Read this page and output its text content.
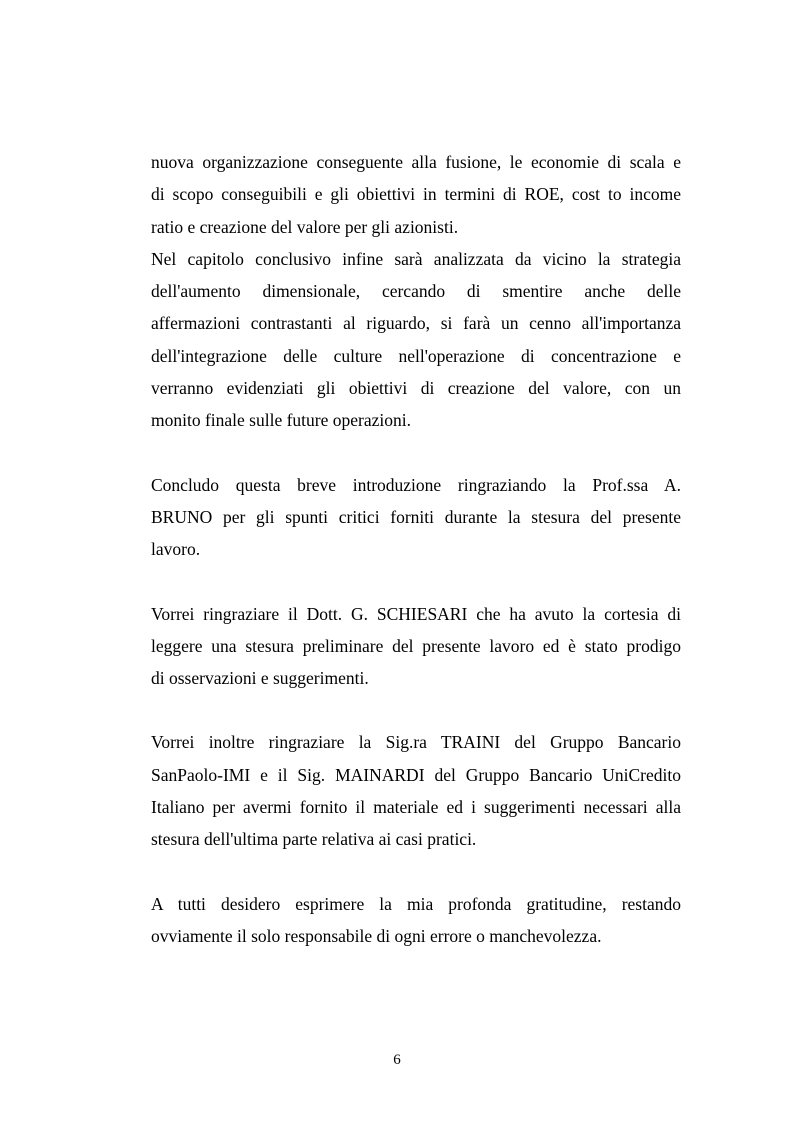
nuova organizzazione conseguente alla fusione, le economie di scala e
di scopo conseguibili e gli obiettivi in termini di ROE, cost to income
ratio e creazione del valore per gli azionisti.
Nel capitolo conclusivo infine sarà analizzata da vicino la strategia
dell'aumento dimensionale, cercando di smentire anche delle
affermazioni contrastanti al riguardo, si farà un cenno all'importanza
dell'integrazione delle culture nell'operazione di concentrazione e
verranno evidenziati gli obiettivi di creazione del valore, con un
monito finale sulle future operazioni.
Concludo questa breve introduzione ringraziando la Prof.ssa A.
BRUNO per gli spunti critici forniti durante la stesura del presente
lavoro.
Vorrei ringraziare il Dott. G. SCHIESARI che ha avuto la cortesia di
leggere una stesura preliminare del presente lavoro ed è stato prodigo
di osservazioni e suggerimenti.
Vorrei inoltre ringraziare la Sig.ra TRAINI del Gruppo Bancario
SanPaolo-IMI e il Sig. MAINARDI del Gruppo Bancario UniCredito
Italiano per avermi fornito il materiale ed i suggerimenti necessari alla
stesura dell'ultima parte relativa ai casi pratici.
A tutti desidero esprimere la mia profonda gratitudine, restando
ovviamente il solo responsabile di ogni errore o manchevolezza.
6
